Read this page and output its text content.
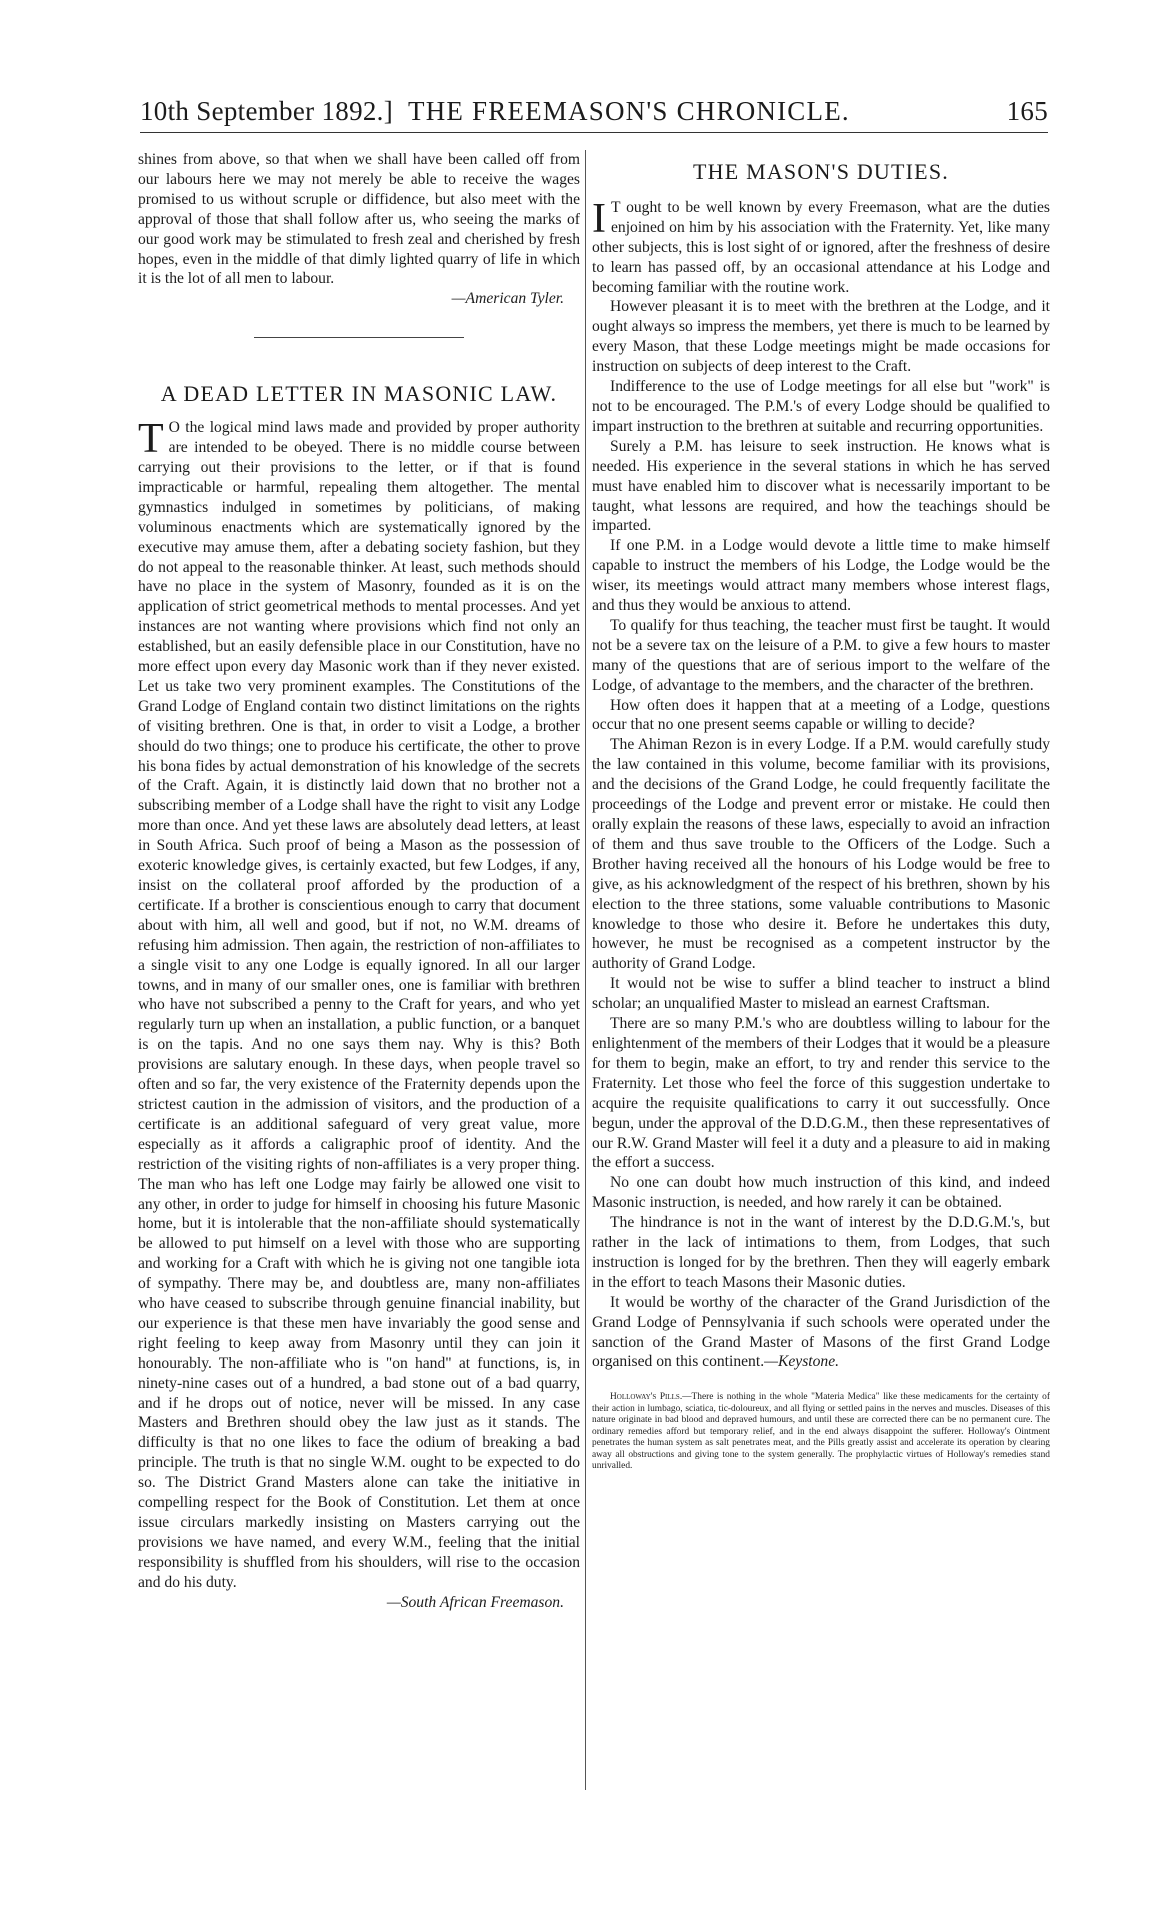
10th September 1892.] THE FREEMASON'S CHRONICLE.	165

shines from above, so that when we shall have been called off from our labours here we may not merely be able to receive the wages promised to us without scruple or diffidence, but also meet with the approval of those that shall follow after us, who seeing the marks of our good work may be stimulated to fresh zeal and cherished by fresh hopes, even in the middle of that dimly lighted quarry of life in which it is the lot of all men to labour.

—American Tyler.

A DEAD LETTER IN MASONIC LAW.

T O the logical mind laws made and provided by proper authority are intended to be obeyed. There is no middle course between carrying out their provisions to the letter, or if that is found impracticable or harmful, repealing them altogether. The mental gymnastics indulged in sometimes by politicians, of making voluminous enactments which are systematically ignored by the executive may amuse them, after a debating society fashion, but they do not appeal to the reasonable thinker. At least, such methods should have no place in the system of Masonry, founded as it is on the application of strict geometrical methods to mental processes. And yet instances are not wanting where provisions which find not only an established, but an easily defensible place in our Constitution, have no more effect upon every day Masonic work than if they never existed. Let us take two very prominent examples. The Constitutions of the Grand Lodge of England contain two distinct limitations on the rights of visiting brethren. One is that, in order to visit a Lodge, a brother should do two things; one to produce his certificate, the other to prove his bona fides by actual demonstration of his knowledge of the secrets of the Craft. Again, it is distinctly laid down that no brother not a subscribing member of a Lodge shall have the right to visit any Lodge more than once. And yet these laws are absolutely dead letters, at least in South Africa. Such proof of being a Mason as the possession of exoteric knowledge gives, is certainly exacted, but few Lodges, if any, insist on the collateral proof afforded by the production of a certificate. If a brother is conscientious enough to carry that document about with him, all well and good, but if not, no W.M. dreams of refusing him admission. Then again, the restriction of non-affiliates to a single visit to any one Lodge is equally ignored. In all our larger towns, and in many of our smaller ones, one is familiar with brethren who have not subscribed a penny to the Craft for years, and who yet regularly turn up when an installation, a public function, or a banquet is on the tapis. And no one says them nay. Why is this? Both provisions are salutary enough. In these days, when people travel so often and so far, the very existence of the Fraternity depends upon the strictest caution in the admission of visitors, and the production of a certificate is an additional safeguard of very great value, more especially as it affords a caligraphic proof of identity. And the restriction of the visiting rights of non-affiliates is a very proper thing. The man who has left one Lodge may fairly be allowed one visit to any other, in order to judge for himself in choosing his future Masonic home, but it is intolerable that the non-affiliate should systematically be allowed to put himself on a level with those who are supporting and working for a Craft with which he is giving not one tangible iota of sympathy. There may be, and doubtless are, many non-affiliates who have ceased to subscribe through genuine financial inability, but our experience is that these men have invariably the good sense and right feeling to keep away from Masonry until they can join it honourably. The non-affiliate who is "on hand" at functions, is, in ninety-nine cases out of a hundred, a bad stone out of a bad quarry, and if he drops out of notice, never will be missed. In any case Masters and Brethren should obey the law just as it stands. The difficulty is that no one likes to face the odium of breaking a bad principle. The truth is that no single W.M. ought to be expected to do so. The District Grand Masters alone can take the initiative in compelling respect for the Book of Constitution. Let them at once issue circulars markedly insisting on Masters carrying out the provisions we have named, and every W.M., feeling that the initial responsibility is shuffled from his shoulders, will rise to the occasion and do his duty.

—South African Freemason.

THE MASON'S DUTIES.

I T ought to be well known by every Freemason, what are the duties enjoined on him by his association with the Fraternity. Yet, like many other subjects, this is lost sight of or ignored, after the freshness of desire to learn has passed off, by an occasional attendance at his Lodge and becoming familiar with the routine work.

However pleasant it is to meet with the brethren at the Lodge, and it ought always so impress the members, yet there is much to be learned by every Mason, that these Lodge meetings might be made occasions for instruction on subjects of deep interest to the Craft.

Indifference to the use of Lodge meetings for all else but "work" is not to be encouraged. The P.M.'s of every Lodge should be qualified to impart instruction to the brethren at suitable and recurring opportunities.

Surely a P.M. has leisure to seek instruction. He knows what is needed. His experience in the several stations in which he has served must have enabled him to discover what is necessarily important to be taught, what lessons are required, and how the teachings should be imparted.

If one P.M. in a Lodge would devote a little time to make himself capable to instruct the members of his Lodge, the Lodge would be the wiser, its meetings would attract many members whose interest flags, and thus they would be anxious to attend.

To qualify for thus teaching, the teacher must first be taught. It would not be a severe tax on the leisure of a P.M. to give a few hours to master many of the questions that are of serious import to the welfare of the Lodge, of advantage to the members, and the character of the brethren.

How often does it happen that at a meeting of a Lodge, questions occur that no one present seems capable or willing to decide?

The Ahiman Rezon is in every Lodge. If a P.M. would carefully study the law contained in this volume, become familiar with its provisions, and the decisions of the Grand Lodge, he could frequently facilitate the proceedings of the Lodge and prevent error or mistake. He could then orally explain the reasons of these laws, especially to avoid an infraction of them and thus save trouble to the Officers of the Lodge. Such a Brother having received all the honours of his Lodge would be free to give, as his acknowledgment of the respect of his brethren, shown by his election to the three stations, some valuable contributions to Masonic knowledge to those who desire it. Before he undertakes this duty, however, he must be recognised as a competent instructor by the authority of Grand Lodge.

It would not be wise to suffer a blind teacher to instruct a blind scholar; an unqualified Master to mislead an earnest Craftsman.

There are so many P.M.'s who are doubtless willing to labour for the enlightenment of the members of their Lodges that it would be a pleasure for them to begin, make an effort, to try and render this service to the Fraternity. Let those who feel the force of this suggestion undertake to acquire the requisite qualifications to carry it out successfully. Once begun, under the approval of the D.D.G.M., then these representatives of our R.W. Grand Master will feel it a duty and a pleasure to aid in making the effort a success.

No one can doubt how much instruction of this kind, and indeed Masonic instruction, is needed, and how rarely it can be obtained.

The hindrance is not in the want of interest by the D.D.G.M.'s, but rather in the lack of intimations to them, from Lodges, that such instruction is longed for by the brethren. Then they will eagerly embark in the effort to teach Masons their Masonic duties.

It would be worthy of the character of the Grand Jurisdiction of the Grand Lodge of Pennsylvania if such schools were operated under the sanction of the Grand Master of Masons of the first Grand Lodge organised on this continent.—Keystone.

Holloway's Pills.—There is nothing in the whole "Materia Medica" like these medicaments for the certainty of their action in lumbago, sciatica, tic-doloureux, and all flying or settled pains in the nerves and muscles. Diseases of this nature originate in bad blood and depraved humours, and until these are corrected there can be no permanent cure. The ordinary remedies afford but temporary relief, and in the end always disappoint the sufferer. Holloway's Ointment penetrates the human system as salt penetrates meat, and the Pills greatly assist and accelerate its operation by clearing away all obstructions and giving tone to the system generally. The prophylactic virtues of Holloway's remedies stand unrivalled.
